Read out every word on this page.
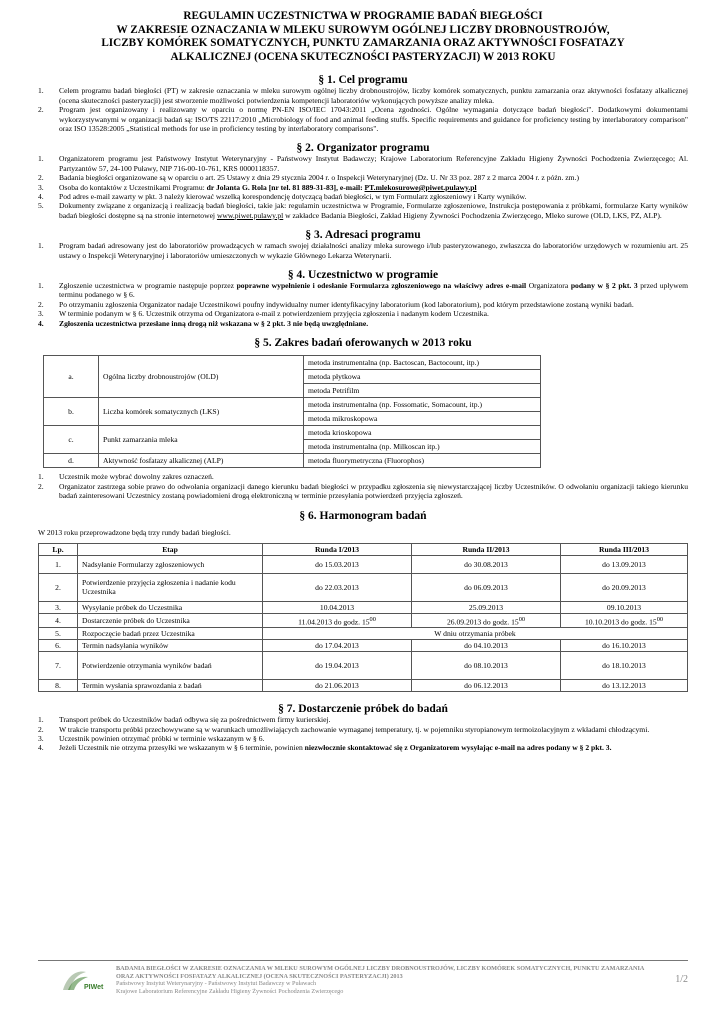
REGULAMIN UCZESTNICTWA W PROGRAMIE BADAŃ BIEGŁOŚCI
W ZAKRESIE OZNACZANIA W MLEKU SUROWYM OGÓLNEJ LICZBY DROBNOUSTROJÓW,
LICZBY KOMÓREK SOMATYCZNYCH, PUNKTU ZAMARZANIA ORAZ AKTYWNOŚCI FOSFATAZY
ALKALICZNEJ (OCENA SKUTECZNOŚCI PASTERYZACJI) W 2013 ROKU
§ 1. Cel programu
1. Celem programu badań biegłości (PT) w zakresie oznaczania w mleku surowym ogólnej liczby drobnoustrojów, liczby komórek somatycznych, punktu zamarzania oraz aktywności fosfatazy alkalicznej (ocena skuteczności pasteryzacji) jest stworzenie możliwości potwierdzenia kompetencji laboratoriów wykonujących powyższe analizy mleka.
2. Program jest organizowany i realizowany w oparciu o normę PN-EN ISO/IEC 17043:2011 „Ocena zgodności. Ogólne wymagania dotyczące badań biegłości". Dodatkowymi dokumentami wykorzystywanymi w organizacji badań są: ISO/TS 22117:2010 „Microbiology of food and animal feeding stuffs. Specific requirements and guidance for proficiency testing by interlaboratory comparison" oraz ISO 13528:2005 „Statistical methods for use in proficiency testing by interlaboratory comparisons".
§ 2. Organizator programu
1. Organizatorem programu jest Państwowy Instytut Weterynaryjny - Państwowy Instytut Badawczy; Krajowe Laboratorium Referencyjne Zakładu Higieny Żywności Pochodzenia Zwierzęcego; Al. Partyzantów 57, 24-100 Puławy, NIP 716-00-10-761, KRS 0000118357.
2. Badania biegłości organizowane są w oparciu o art. 25 Ustawy z dnia 29 stycznia 2004 r. o Inspekcji Weterynaryjnej (Dz. U. Nr 33 poz. 287 z 2 marca 2004 r. z późn. zm.)
3. Osoba do kontaktów z Uczestnikami Programu: dr Jolanta G. Rola [nr tel. 81 889-31-83], e-mail: PT.mlekosurowe@piwet.pulawy.pl
4. Pod adres e-mail zawarty w pkt. 3 należy kierować wszelką korespondencję dotyczącą badań biegłości, w tym Formularz zgłoszeniowy i Karty wyników.
5. Dokumenty związane z organizacją i realizacją badań biegłości, takie jak: regulamin uczestnictwa w Programie, Formularze zgłoszeniowe, Instrukcja postępowania z próbkami, formularze Karty wyników badań biegłości dostępne są na stronie internetowej www.piwet.pulawy.pl w zakładce Badania Biegłości, Zakład Higieny Żywności Pochodzenia Zwierzęcego, Mleko surowe (OLD, LKS, PZ, ALP).
§ 3. Adresaci programu
1. Program badań adresowany jest do laboratoriów prowadzących w ramach swojej działalności analizy mleka surowego i/lub pasteryzowanego, zwłaszcza do laboratoriów urzędowych w rozumieniu art. 25 ustawy o Inspekcji Weterynaryjnej i laboratoriów umieszczonych w wykazie Głównego Lekarza Weterynarii.
§ 4. Uczestnictwo w programie
1. Zgłoszenie uczestnictwa w programie następuje poprzez poprawne wypełnienie i odesłanie Formularza zgłoszeniowego na właściwy adres e-mail Organizatora podany w § 2 pkt. 3 przed upływem terminu podanego w § 6.
2. Po otrzymaniu zgłoszenia Organizator nadaje Uczestnikowi poufny indywidualny numer identyfikacyjny laboratorium (kod laboratorium), pod którym przedstawione zostaną wyniki badań.
3. W terminie podanym w § 6. Uczestnik otrzyma od Organizatora e-mail z potwierdzeniem przyjęcia zgłoszenia i nadanym kodem Uczestnika.
4. Zgłoszenia uczestnictwa przesłane inną drogą niż wskazana w § 2 pkt. 3 nie będą uwzględniane.
§ 5. Zakres badań oferowanych w 2013 roku
a.	Ogólna liczby drobnoustrojów (OLD)	metoda instrumentalna (np. Bactoscan, Bactocount, itp.)
		metoda płytkowa
		metoda Petrifilm
b.	Liczba komórek somatycznych (LKS)	metoda instrumentalna (np. Fossomatic, Somacount, itp.)
		metoda mikroskopowa
c.	Punkt zamarzania mleka	metoda krioskopowa
		metoda instrumentalna (np. Milkoscan itp.)
d.	Aktywność fosfatazy alkalicznej (ALP)	metoda fluorymetryczna (Fluorophos)
1. Uczestnik może wybrać dowolny zakres oznaczeń.
2. Organizator zastrzega sobie prawo do odwołania organizacji danego kierunku badań biegłości w przypadku zgłoszenia się niewystarczającej liczby Uczestników. O odwołaniu organizacji takiego kierunku badań zainteresowani Uczestnicy zostaną powiadomieni drogą elektroniczną w terminie przesyłania potwierdzeń przyjęcia zgłoszeń.
§ 6. Harmonogram badań
W 2013 roku przeprowadzone będą trzy rundy badań biegłości.
Lp.	Etap	Runda I/2013	Runda II/2013	Runda III/2013
1.	Nadsyłanie Formularzy zgłoszeniowych	do 15.03.2013	do 30.08.2013	do 13.09.2013
2.	Potwierdzenie przyjęcia zgłoszenia i nadanie kodu Uczestnika	do 22.03.2013	do 06.09.2013	do 20.09.2013
3.	Wysyłanie próbek do Uczestnika	10.04.2013	25.09.2013	09.10.2013
4.	Dostarczenie próbek do Uczestnika	11.04.2013 do godz. $15^{00}$	26.09.2013 do godz. $15^{00}$	10.10.2013 do godz. $15^{00}$
5.	Rozpoczęcie badań przez Uczestnika	W dniu otrzymania próbek		
6.	Termin nadsyłania wyników	do 17.04.2013	do 04.10.2013	do 16.10.2013
7.	Potwierdzenie otrzymania wyników badań	do 19.04.2013	do 08.10.2013	do 18.10.2013
8.	Termin wysłania sprawozdania z badań	do 21.06.2013	do 06.12.2013	do 13.12.2013
§ 7. Dostarczenie próbek do badań
1. Transport próbek do Uczestników badań odbywa się za pośrednictwem firmy kurierskiej.
2. W trakcie transportu próbki przechowywane są w warunkach umożliwiających zachowanie wymaganej temperatury, tj. w pojemniku styropianowym termoizolacyjnym z wkładami chłodzącymi.
3. Uczestnik powinien otrzymać próbki w terminie wskazanym w § 6.
4. Jeżeli Uczestnik nie otrzyma przesyłki we wskazanym w § 6 terminie, powinien niezwłocznie skontaktować się z Organizatorem wysyłając e-mail na adres podany w § 2 pkt. 3.
PIWet
BADANIA BIEGŁOŚCI W ZAKRESIE OZNACZANIA W MLEKU SUROWYM OGÓLNEJ LICZBY DROBNOUSTROJÓW, LICZBY KOMÓREK SOMATYCZNYCH, PUNKTU ZAMARZANIA ORAZ AKTYWNOŚCI FOSFATAZY ALKALICZNEJ (OCENA SKUTECZNOŚCI PASTERYZACJI) 2013
Państwowy Instytut Weterynaryjny - Państwowy Instytut Badawczy w Puławach
Krajowe Laboratorium Referencyjne Zakładu Higieny Żywności Pochodzenia Zwierzęcego
1/2
